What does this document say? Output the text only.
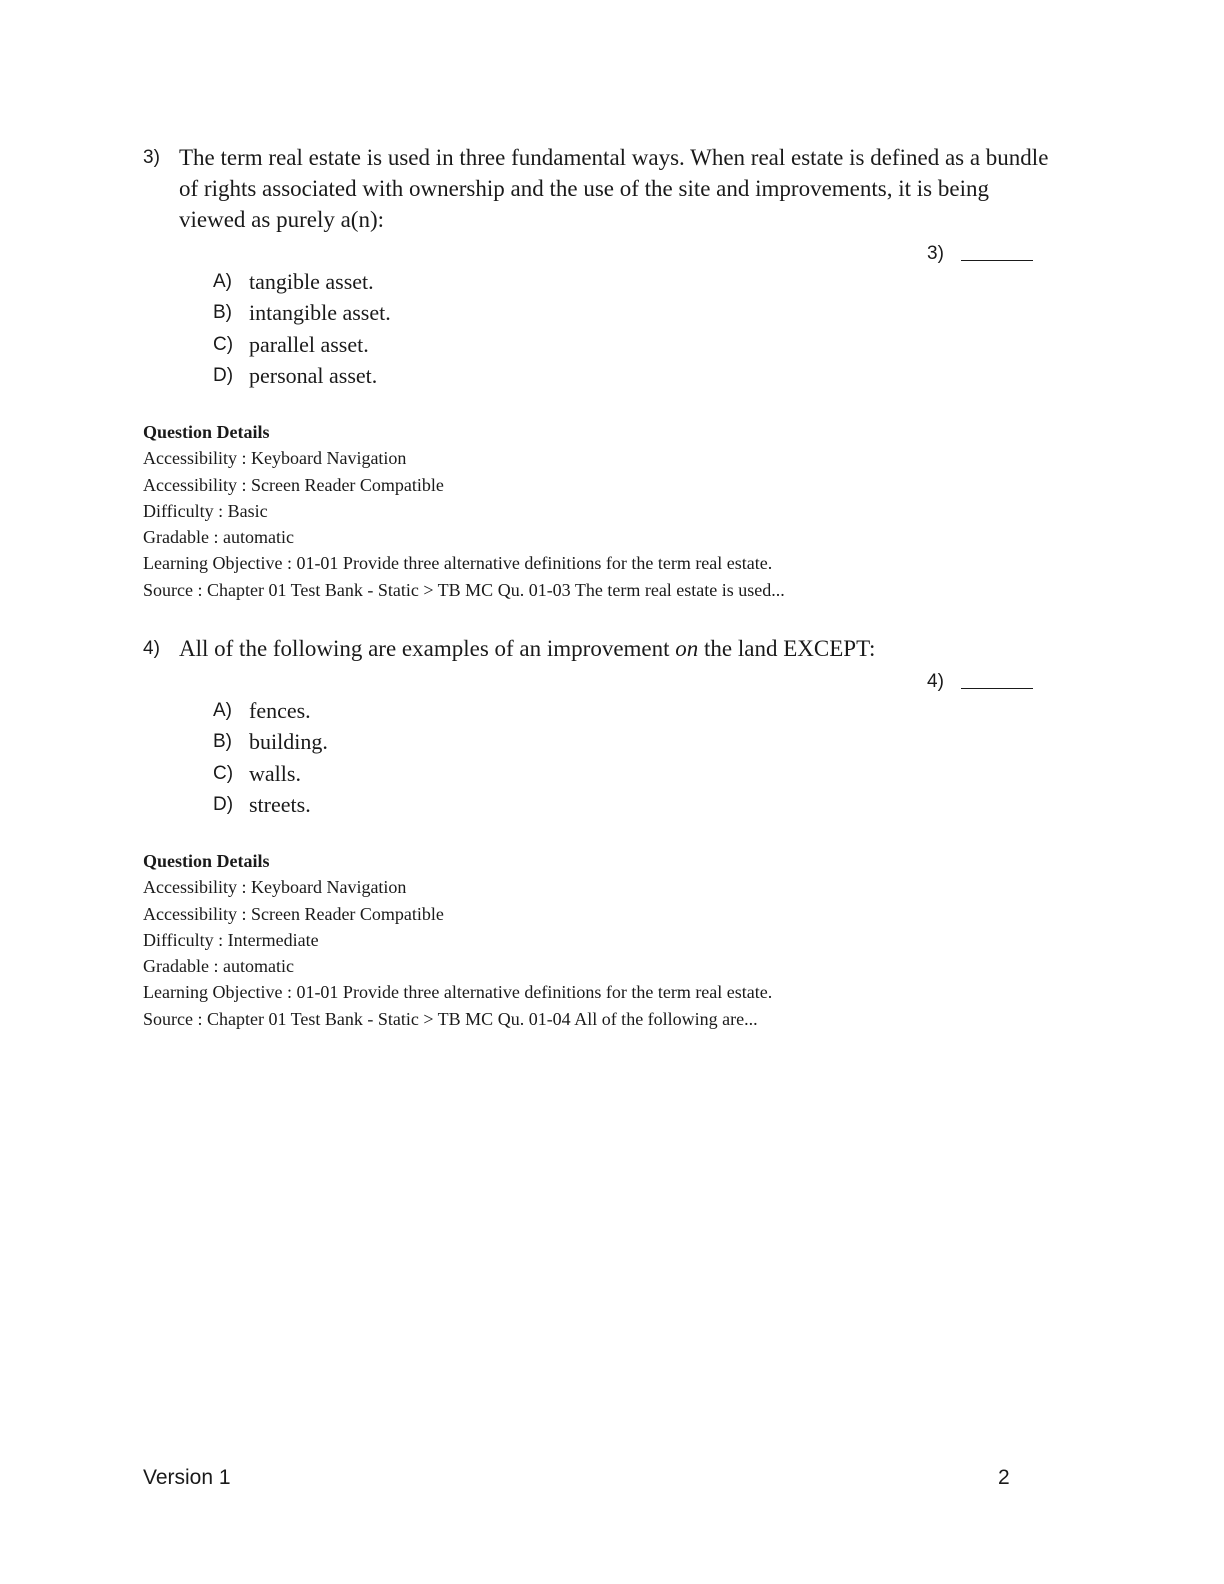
3) The term real estate is used in three fundamental ways. When real estate is defined as a bundle of rights associated with ownership and the use of the site and improvements, it is being viewed as purely a(n):
3)
A) tangible asset.
B) intangible asset.
C) parallel asset.
D) personal asset.
Question Details
Accessibility : Keyboard Navigation
Accessibility : Screen Reader Compatible
Difficulty : Basic
Gradable : automatic
Learning Objective : 01-01 Provide three alternative definitions for the term real estate.
Source : Chapter 01 Test Bank - Static > TB MC Qu. 01-03 The term real estate is used...
4) All of the following are examples of an improvement on the land EXCEPT:
4)
A) fences.
B) building.
C) walls.
D) streets.
Question Details
Accessibility : Keyboard Navigation
Accessibility : Screen Reader Compatible
Difficulty : Intermediate
Gradable : automatic
Learning Objective : 01-01 Provide three alternative definitions for the term real estate.
Source : Chapter 01 Test Bank - Static > TB MC Qu. 01-04 All of the following are...
Version 1	2
